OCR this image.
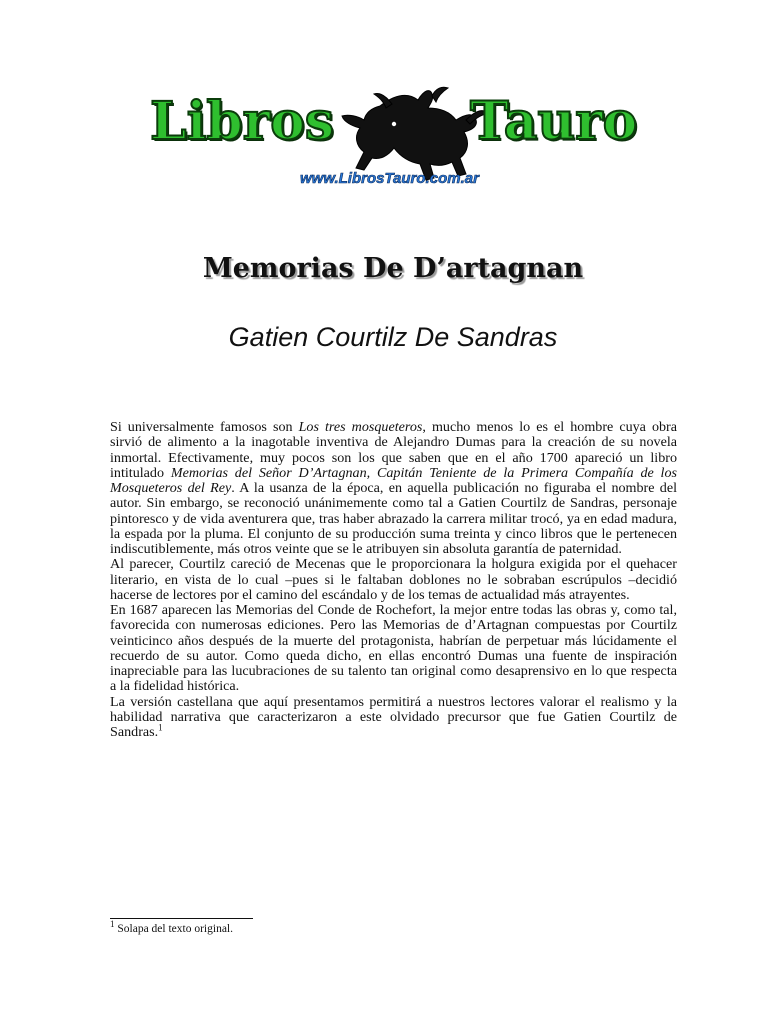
Libros	Tauro
www.LibrosTauro.com.ar
Memorias De D’artagnan
Gatien Courtilz De Sandras

Si universalmente famosos son Los tres mosqueteros, mucho menos lo es el hombre cuya obra sirvió de alimento a la inagotable inventiva de Alejandro Dumas para la creación de su novela inmortal. Efectivamente, muy pocos son los que saben que en el año 1700 apareció un libro intitulado Memorias del Señor D’Artagnan, Capitán Teniente de la Primera Compañía de los Mosqueteros del Rey. A la usanza de la época, en aquella publicación no figuraba el nombre del autor. Sin embargo, se reconoció unánimemente como tal a Gatien Courtilz de Sandras, personaje pintoresco y de vida aventurera que, tras haber abrazado la carrera militar trocó, ya en edad madura, la espada por la pluma. El conjunto de su producción suma treinta y cinco libros que le pertenecen indiscutiblemente, más otros veinte que se le atribuyen sin absoluta garantía de paternidad.

Al parecer, Courtilz careció de Mecenas que le proporcionara la holgura exigida por el quehacer literario, en vista de lo cual –pues si le faltaban doblones no le sobraban escrúpulos –decidió hacerse de lectores por el camino del escándalo y de los temas de actualidad más atrayentes.

En 1687 aparecen las Memorias del Conde de Rochefort, la mejor entre todas las obras y, como tal, favorecida con numerosas ediciones. Pero las Memorias de d’Artagnan compuestas por Courtilz veinticinco años después de la muerte del protagonista, habrían de perpetuar más lúcidamente el recuerdo de su autor. Como queda dicho, en ellas encontró Dumas una fuente de inspiración inapreciable para las lucubraciones de su talento tan original como desaprensivo en lo que respecta a la fidelidad histórica.

La versión castellana que aquí presentamos permitirá a nuestros lectores valorar el realismo y la habilidad narrativa que caracterizaron a este olvidado precursor que fue Gatien Courtilz de Sandras.$^1$

$^1$ Solapa del texto original.
